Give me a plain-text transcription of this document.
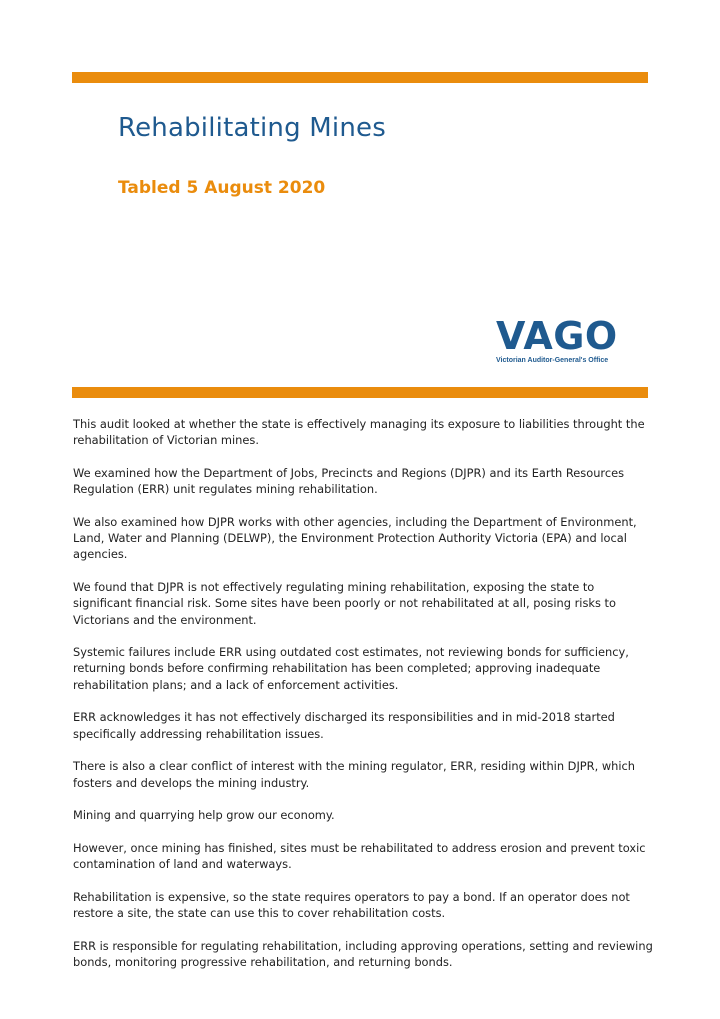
Rehabilitating Mines
Tabled 5 August 2020
VAGO
Victorian Auditor-General's Office

This audit looked at whether the state is effectively managing its exposure to liabilities throught the rehabilitation of Victorian mines.

We examined how the Department of Jobs, Precincts and Regions (DJPR) and its Earth Resources Regulation (ERR) unit regulates mining rehabilitation.

We also examined how DJPR works with other agencies, including the Department of Environment, Land, Water and Planning (DELWP), the Environment Protection Authority Victoria (EPA) and local agencies.

We found that DJPR is not effectively regulating mining rehabilitation, exposing the state to significant financial risk. Some sites have been poorly or not rehabilitated at all, posing risks to Victorians and the environment.

Systemic failures include ERR using outdated cost estimates, not reviewing bonds for sufficiency, returning bonds before confirming rehabilitation has been completed; approving inadequate rehabilitation plans; and a lack of enforcement activities.

ERR acknowledges it has not effectively discharged its responsibilities and in mid-2018 started specifically addressing rehabilitation issues.

There is also a clear conflict of interest with the mining regulator, ERR, residing within DJPR, which fosters and develops the mining industry.

Mining and quarrying help grow our economy.

However, once mining has finished, sites must be rehabilitated to address erosion and prevent toxic contamination of land and waterways.

Rehabilitation is expensive, so the state requires operators to pay a bond. If an operator does not restore a site, the state can use this to cover rehabilitation costs.

ERR is responsible for regulating rehabilitation, including approving operations, setting and reviewing bonds, monitoring progressive rehabilitation, and returning bonds.
